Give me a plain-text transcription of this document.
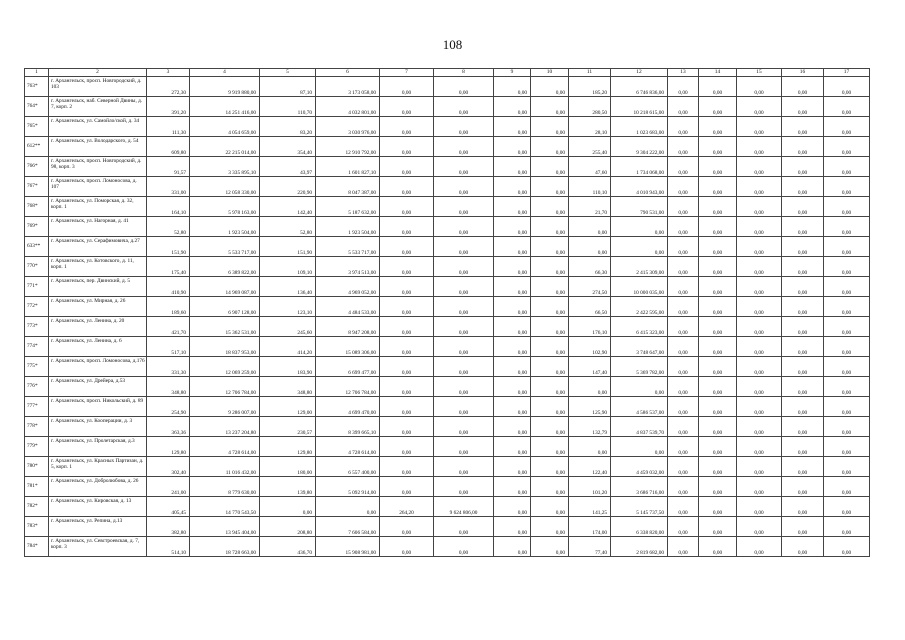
108
1	2	3	4	5	6	7	8	9	10	11	12	13	14	15	16	17
763*	г. Архангельск, просп. Новгородский, д. 103	272,30	9 919 880,00	87,10	3 173 058,00	0,00	0,00	0,00	0,00	185,20	6 746 836,00	0,00	0,00	0,00	0,00	0,00
764*	г. Архангельск, наб. Северной Двины, д. 7, корп. 2	391,20	14 251 416,00	110,70	4 032 801,00	0,00	0,00	0,00	0,00	280,50	10 218 615,00	0,00	0,00	0,00	0,00	0,00
765*	г. Архангельск, ул. Самойло/ской, д. 34	111,30	4 054 659,00	83,20	3 030 976,00	0,00	0,00	0,00	0,00	28,10	1 023 683,00	0,00	0,00	0,00	0,00	0,00
612**	г. Архангельск, ул. Володарского, д. 54	609,80	22 215 014,00	354,40	12 910 792,00	0,00	0,00	0,00	0,00	255,40	9 304 222,00	0,00	0,00	0,00	0,00	0,00
766*	г. Архангельск, просп. Новгородский, д. 98, корп. 3	91,57	3 335 895,10	43,97	1 601 827,10	0,00	0,00	0,00	0,00	47,60	1 734 068,00	0,00	0,00	0,00	0,00	0,00
767*	г. Архангельск, просп. Ломоносова, д. 107	331,00	12 058 330,00	220,90	8 047 387,00	0,00	0,00	0,00	0,00	110,10	4 010 943,00	0,00	0,00	0,00	0,00	0,00
768*	г. Архангельск, ул. Поморская, д. 32, корп. 1	164,10	5 978 163,00	142,40	5 187 632,00	0,00	0,00	0,00	0,00	21,70	790 531,00	0,00	0,00	0,00	0,00	0,00
769*	г. Архангельск, ул. Нагорная, д. 41	52,80	1 923 504,00	52,80	1 923 504,00	0,00	0,00	0,00	0,00	0,00	0,00	0,00	0,00	0,00	0,00	0,00
633**	г. Архангельск, ул. Серафимовича, д.27	151,90	5 533 717,00	151,90	5 533 717,00	0,00	0,00	0,00	0,00	0,00	0,00	0,00	0,00	0,00	0,00	0,00
770*	г. Архангельск, ул. Котовского, д. 11, корп. 1	175,40	6 389 822,00	109,10	3 974 513,00	0,00	0,00	0,00	0,00	66,30	2 415 309,00	0,00	0,00	0,00	0,00	0,00
771*	г. Архангельск, пер. Двинский, д. 5	410,90	14 969 087,00	136,40	4 969 052,00	0,00	0,00	0,00	0,00	274,50	10 000 035,00	0,00	0,00	0,00	0,00	0,00
772*	г. Архангельск, ул. Мирная, д. 26	189,60	6 907 128,00	123,10	4 484 533,00	0,00	0,00	0,00	0,00	66,50	2 422 595,00	0,00	0,00	0,00	0,00	0,00
773*	г. Архангельск, ул. Ленина, д. 20	421,70	15 362 531,00	245,60	8 947 208,00	0,00	0,00	0,00	0,00	176,10	6 415 323,00	0,00	0,00	0,00	0,00	0,00
774*	г. Архангельск, ул. Ленина, д. 6	517,10	18 837 953,00	414,20	15 089 306,00	0,00	0,00	0,00	0,00	102,90	3 748 647,00	0,00	0,00	0,00	0,00	0,00
775*	г. Архангельск, просп. Ломоносова, д.176	331,30	12 069 259,00	183,90	6 699 477,00	0,00	0,00	0,00	0,00	147,40	5 369 782,00	0,00	0,00	0,00	0,00	0,00
776*	г. Архангельск, ул. Дрейера, д.53	348,80	12 706 784,00	348,80	12 706 784,00	0,00	0,00	0,00	0,00	0,00	0,00	0,00	0,00	0,00	0,00	0,00
777*	г. Архангельск, просп. Никольский, д. 89	254,90	9 286 007,00	129,00	4 699 470,00	0,00	0,00	0,00	0,00	125,90	4 586 537,00	0,00	0,00	0,00	0,00	0,00
778*	г. Архангельск, ул. Кооперации, д. 3	363,36	13 237 204,80	230,57	8 399 665,10	0,00	0,00	0,00	0,00	132,79	4 837 539,70	0,00	0,00	0,00	0,00	0,00
779*	г. Архангельск, ул. Пролетарская, д.3	129,80	4 728 614,00	129,80	4 728 614,00	0,00	0,00	0,00	0,00	0,00	0,00	0,00	0,00	0,00	0,00	0,00
780*	г. Архангельск, ул. Красных Партизан, д. 5, корп. 1	302,40	11 016 432,00	180,00	6 557 400,00	0,00	0,00	0,00	0,00	122,40	4 459 032,00	0,00	0,00	0,00	0,00	0,00
781*	г. Архангельск, ул. Добролюбова, д. 26	241,00	8 779 630,00	139,80	5 092 914,00	0,00	0,00	0,00	0,00	101,20	3 686 716,00	0,00	0,00	0,00	0,00	0,00
782*	г. Архангельск, ул. Кировская, д. 13	405,45	14 770 543,50	0,00	0,00	264,20	9 624 806,00	0,00	0,00	141,25	5 145 737,50	0,00	0,00	0,00	0,00	0,00
783*	г. Архангельск, ул. Репина, д.13	382,80	13 945 404,00	208,80	7 606 584,00	0,00	0,00	0,00	0,00	174,00	6 338 820,00	0,00	0,00	0,00	0,00	0,00
784*	г. Архангельск, ул. Севстроевская, д. 7, корп. 3	514,10	18 728 663,00	436,70	15 908 981,00	0,00	0,00	0,00	0,00	77,40	2 819 682,00	0,00	0,00	0,00	0,00	0,00
